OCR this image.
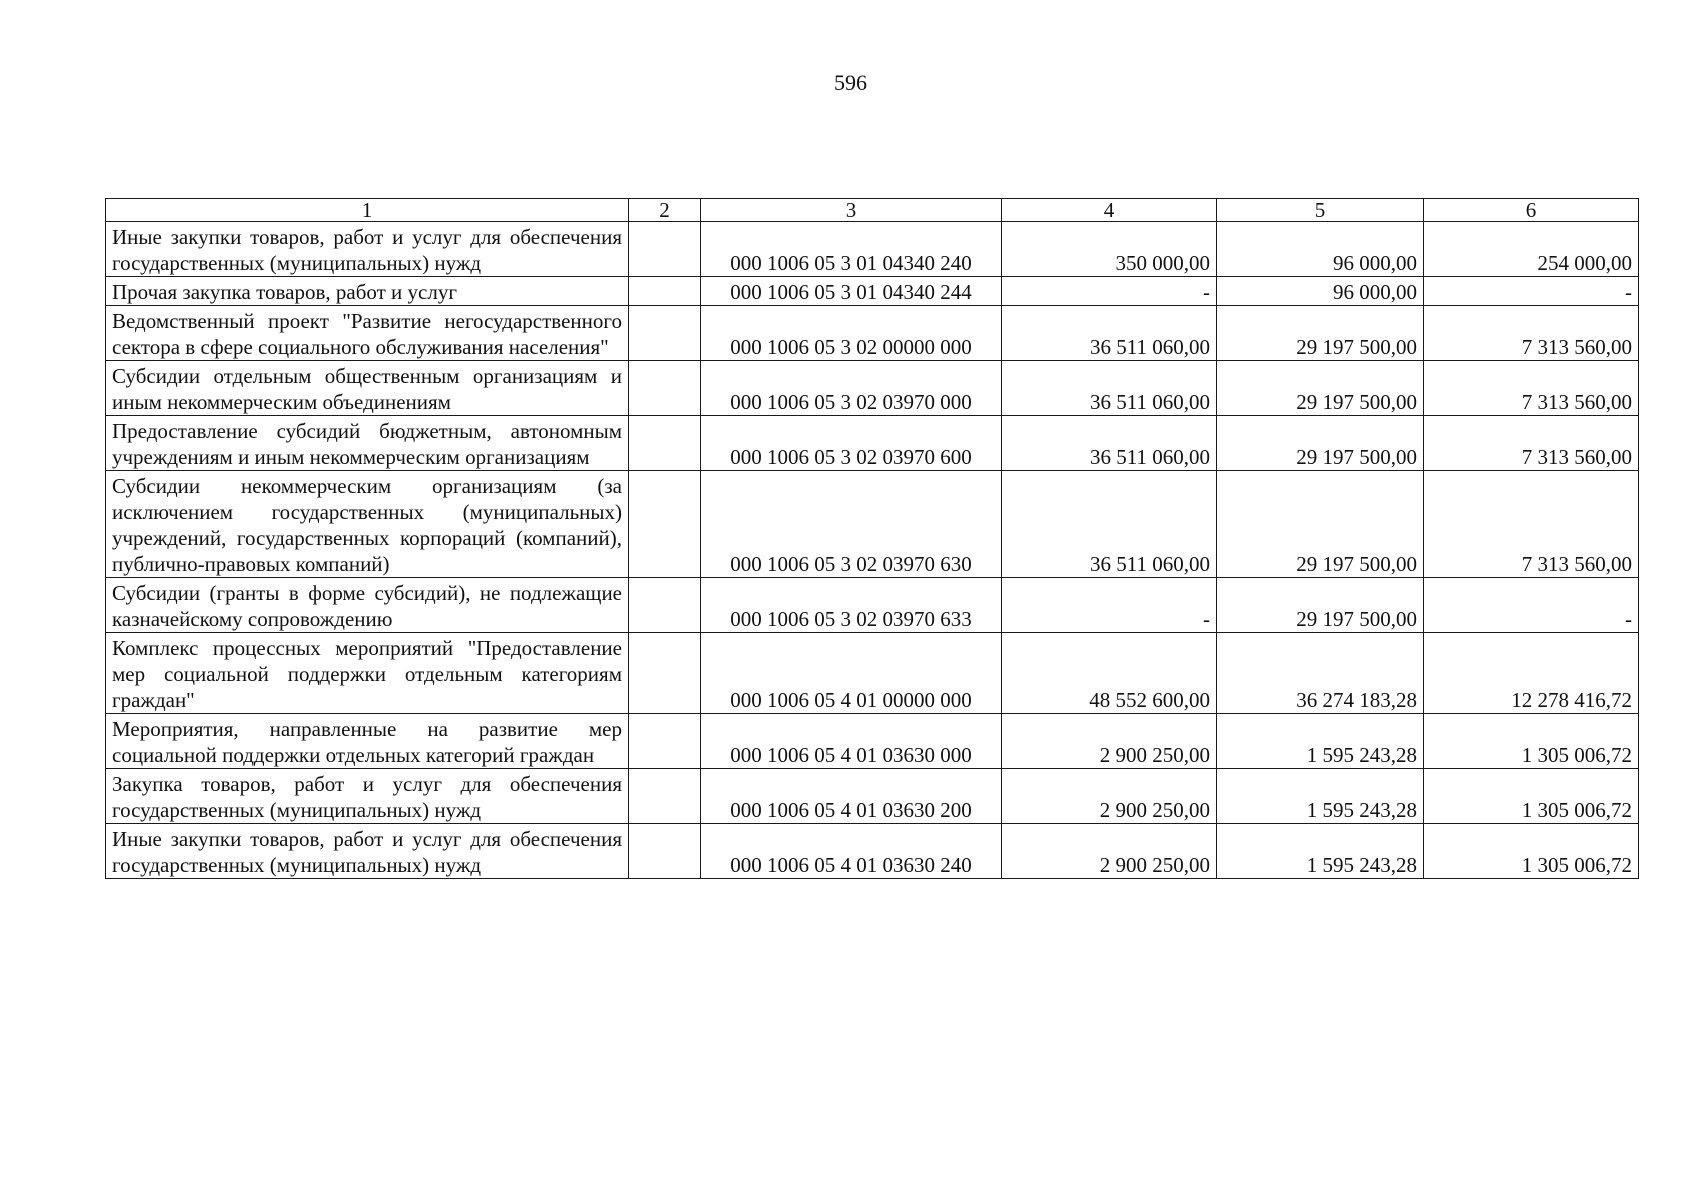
596
1	2	3	4	5	6
Иные закупки товаров, работ и услуг для обеспечения государственных (муниципальных) нужд		000 1006 05 3 01 04340 240	350 000,00	96 000,00	254 000,00
Прочая закупка товаров, работ и услуг		000 1006 05 3 01 04340 244	-	96 000,00	-
Ведомственный проект "Развитие негосударственного сектора в сфере социального обслуживания населения"		000 1006 05 3 02 00000 000	36 511 060,00	29 197 500,00	7 313 560,00
Субсидии отдельным общественным организациям и иным некоммерческим объединениям		000 1006 05 3 02 03970 000	36 511 060,00	29 197 500,00	7 313 560,00
Предоставление субсидий бюджетным, автономным учреждениям и иным некоммерческим организациям		000 1006 05 3 02 03970 600	36 511 060,00	29 197 500,00	7 313 560,00
Субсидии некоммерческим организациям (за исключением государственных (муниципальных) учреждений, государственных корпораций (компаний), публично-правовых компаний)		000 1006 05 3 02 03970 630	36 511 060,00	29 197 500,00	7 313 560,00
Субсидии (гранты в форме субсидий), не подлежащие казначейскому сопровождению		000 1006 05 3 02 03970 633	-	29 197 500,00	-
Комплекс процессных мероприятий "Предоставление мер социальной поддержки отдельным категориям граждан"		000 1006 05 4 01 00000 000	48 552 600,00	36 274 183,28	12 278 416,72
Мероприятия, направленные на развитие мер социальной поддержки отдельных категорий граждан		000 1006 05 4 01 03630 000	2 900 250,00	1 595 243,28	1 305 006,72
Закупка товаров, работ и услуг для обеспечения государственных (муниципальных) нужд		000 1006 05 4 01 03630 200	2 900 250,00	1 595 243,28	1 305 006,72
Иные закупки товаров, работ и услуг для обеспечения государственных (муниципальных) нужд		000 1006 05 4 01 03630 240	2 900 250,00	1 595 243,28	1 305 006,72
